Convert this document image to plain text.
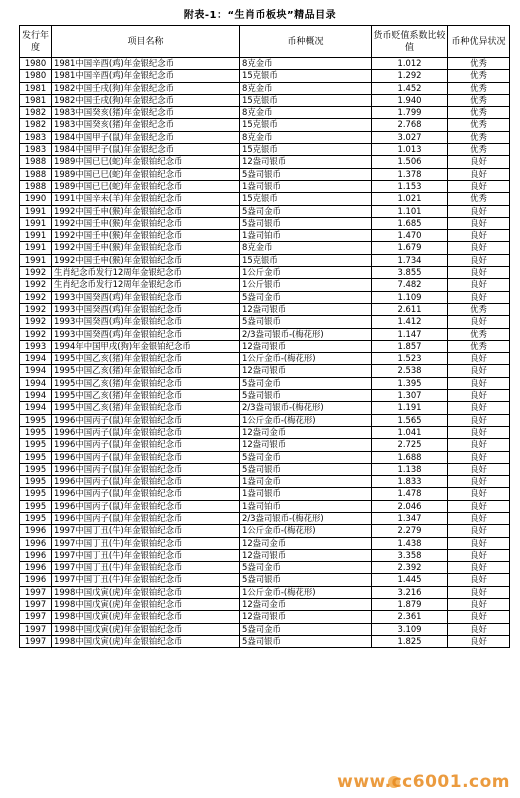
附表-1：“生肖币板块”精品目录
发行年度	项目名称	币种概况	货币贬值系数比较值	币种优异状况
1980	1981中国辛酉(鸡)年金银纪念币	8克金币	1.012	优秀
1980	1981中国辛酉(鸡)年金银纪念币	15克银币	1.292	优秀
1981	1982中国壬戌(狗)年金银纪念币	8克金币	1.452	优秀
1981	1982中国壬戌(狗)年金银纪念币	15克银币	1.940	优秀
1982	1983中国癸亥(猪)年金银纪念币	8克金币	1.799	优秀
1982	1983中国癸亥(猪)年金银纪念币	15克银币	2.768	优秀
1983	1984中国甲子(鼠)年金银纪念币	8克金币	3.027	优秀
1983	1984中国甲子(鼠)年金银纪念币	15克银币	1.013	优秀
1988	1989中国已巳(蛇)年金银铂纪念币	12盎司银币	1.506	良好
1988	1989中国已巳(蛇)年金银铂纪念币	5盎司银币	1.378	良好
1988	1989中国已巳(蛇)年金银铂纪念币	1盎司银币	1.153	良好
1990	1991中国辛未(羊)年金银铂纪念币	15克银币	1.021	优秀
1991	1992中国壬申(猴)年金银铂纪念币	5盎司金币	1.101	良好
1991	1992中国壬申(猴)年金银铂纪念币	5盎司银币	1.685	良好
1991	1992中国壬申(猴)年金银铂纪念币	1盎司铂币	1.470	良好
1991	1992中国壬申(猴)年金银铂纪念币	8克金币	1.679	良好
1991	1992中国壬申(猴)年金银铂纪念币	15克银币	1.734	良好
1992	生肖纪念币发行12周年金银纪念币	1公斤金币	3.855	良好
1992	生肖纪念币发行12周年金银纪念币	1公斤银币	7.482	良好
1992	1993中国癸酉(鸡)年金银铂纪念币	5盎司金币	1.109	良好
1992	1993中国癸酉(鸡)年金银铂纪念币	12盎司银币	2.611	优秀
1992	1993中国癸酉(鸡)年金银铂纪念币	5盎司银币	1.412	良好
1992	1993中国癸酉(鸡)年金银铂纪念币	2/3盎司银币-(梅花形)	1.147	优秀
1993	1994年中国甲戌(狗)年金银铂纪念币	12盎司银币	1.857	优秀
1994	1995中国乙亥(猪)年金银铂纪念币	1公斤金币-(梅花形)	1.523	良好
1994	1995中国乙亥(猪)年金银铂纪念币	12盎司银币	2.538	良好
1994	1995中国乙亥(猪)年金银铂纪念币	5盎司金币	1.395	良好
1994	1995中国乙亥(猪)年金银铂纪念币	5盎司银币	1.307	良好
1994	1995中国乙亥(猪)年金银铂纪念币	2/3盎司银币-(梅花形)	1.191	良好
1995	1996中国丙子(鼠)年金银铂纪念币	1公斤金币-(梅花形)	1.565	良好
1995	1996中国丙子(鼠)年金银铂纪念币	12盎司金币	1.041	良好
1995	1996中国丙子(鼠)年金银铂纪念币	12盎司银币	2.725	良好
1995	1996中国丙子(鼠)年金银铂纪念币	5盎司金币	1.688	良好
1995	1996中国丙子(鼠)年金银铂纪念币	5盎司银币	1.138	良好
1995	1996中国丙子(鼠)年金银铂纪念币	1盎司金币	1.833	良好
1995	1996中国丙子(鼠)年金银铂纪念币	1盎司银币	1.478	良好
1995	1996中国丙子(鼠)年金银铂纪念币	1盎司铂币	2.046	良好
1995	1996中国丙子(鼠)年金银铂纪念币	2/3盎司银币-(梅花形)	1.347	良好
1996	1997中国丁丑(牛)年金银铂纪念币	1公斤金币-(梅花形)	2.279	良好
1996	1997中国丁丑(牛)年金银铂纪念币	12盎司金币	1.438	良好
1996	1997中国丁丑(牛)年金银铂纪念币	12盎司银币	3.358	良好
1996	1997中国丁丑(牛)年金银铂纪念币	5盎司金币	2.392	良好
1996	1997中国丁丑(牛)年金银铂纪念币	5盎司银币	1.445	良好
1997	1998中国戊寅(虎)年金银铂纪念币	1公斤金币-(梅花形)	3.216	良好
1997	1998中国戊寅(虎)年金银铂纪念币	12盎司金币	1.879	良好
1997	1998中国戊寅(虎)年金银铂纪念币	12盎司银币	2.361	良好
1997	1998中国戊寅(虎)年金银铂纪念币	5盎司金币	3.109	良好
1997	1998中国戊寅(虎)年金银铂纪念币	5盎司银币	1.825	良好
www.cc6001.com
